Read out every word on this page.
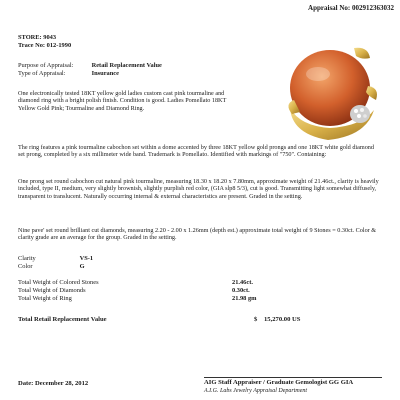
Appraisal No: 002912363032
STORE: 9043
Trace No: 012-1990
Purpose of Appraisal:	Retail Replacement Value
Type of Appraisal:	Insurance
One electronically tested 18KT yellow gold ladies custom cast pink tourmaline and diamond ring with a bright polish finish. Condition is good. Ladies Pomellato 18KT Yellow Gold Pink; Tourmaline and Diamond Ring.
The ring features a pink tourmaline cabochon set within a dome accented by three 18KT yellow gold prongs and one 18KT white gold diamond set prong, completed by a six millimeter wide band. Trademark is Pomellato. Identified with markings of "750". Containing:
One prong set round cabochon cut natural pink tourmaline, measuring 18.30 x 18.20 x 7.80mm, approximate weight of 21.46ct., clarity is heavily included, type II, medium, very slightly brownish, slightly purplish red color, (GIA slp8 5/3), cut is good. Transmitting light somewhat diffusely, transparent to translucent. Naturally occurring internal & external characteristics are present. Graded in the setting.
Nine pave' set round brilliant cut diamonds, measuring 2.20 - 2.00 x 1.26mm (depth est.) approximate total weight of 9 Stones = 0.30ct. Color & clarity grade are an average for the group. Graded in the setting.
Clarity	VS-1
Color	G
Total Weight of Colored Stones	21.46ct.
Total Weight of Diamonds	0.30ct.
Total Weight of Ring	21.98 gm
Total Retail Replacement Value	$ 15,270.00 US
Date: December 28, 2012	AIG Staff Appraiser / Graduate Gemologist GG GIA
A.I.G. Labs Jewelry Appraisal Department
